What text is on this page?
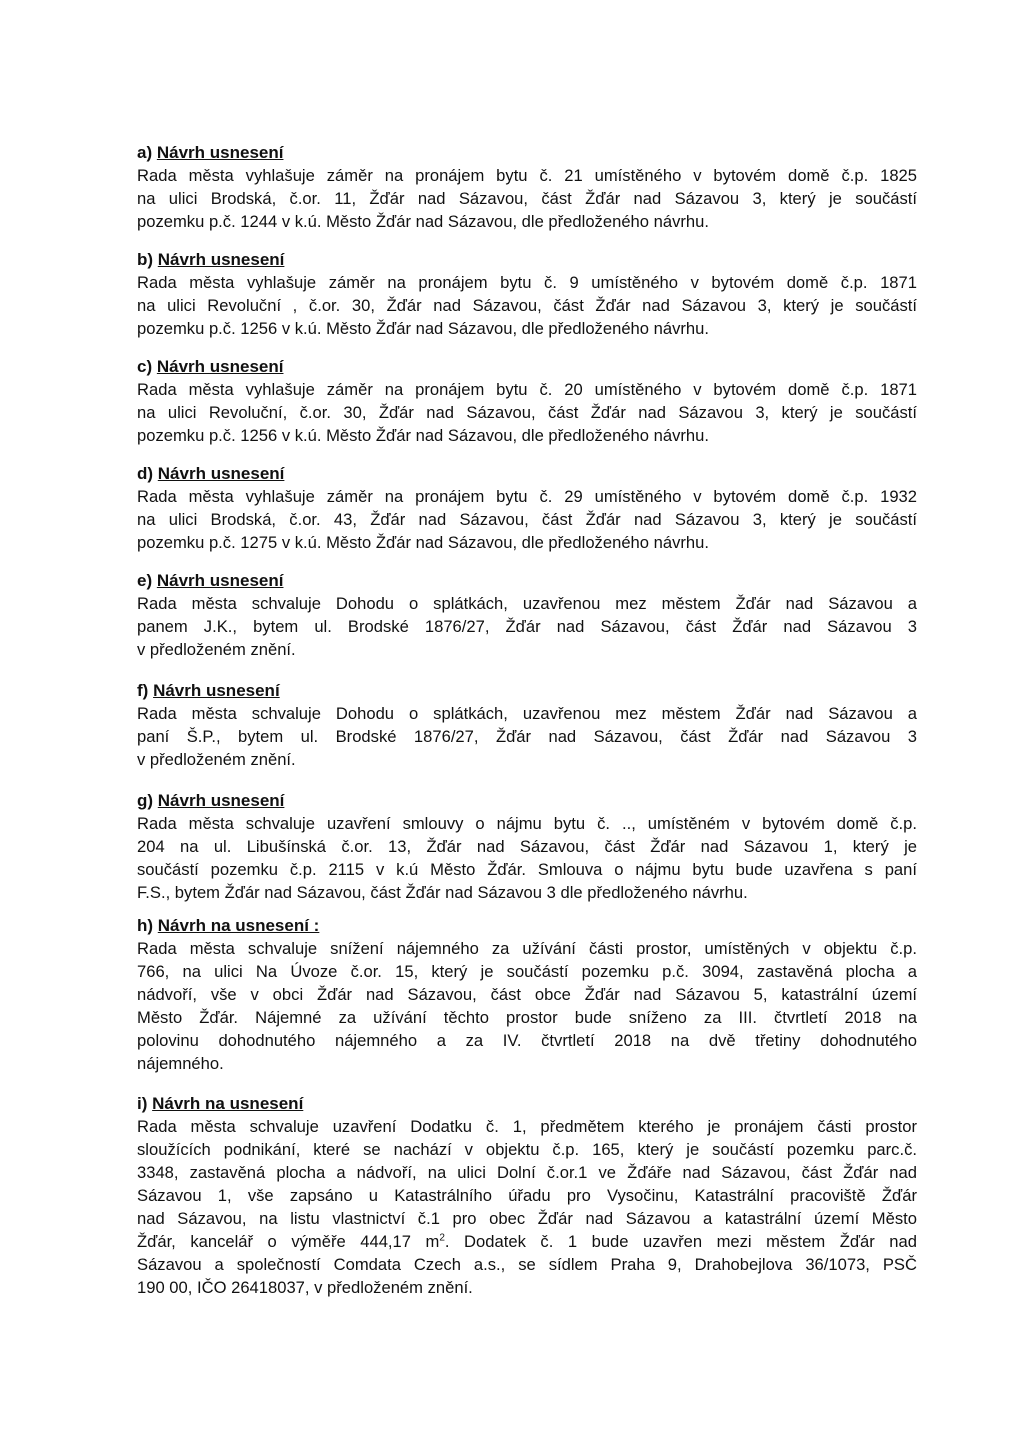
a) Návrh usnesení

Rada města vyhlašuje záměr na pronájem bytu č. 21 umístěného v bytovém domě č.p. 1825
na ulici Brodská, č.or. 11, Žďár nad Sázavou, část Žďár nad Sázavou 3, který je součástí
pozemku p.č. 1244 v k.ú. Město Žďár nad Sázavou, dle předloženého návrhu.

b) Návrh usnesení

Rada města vyhlašuje záměr na pronájem bytu č. 9 umístěného v bytovém domě č.p. 1871
na ulici Revoluční , č.or. 30, Žďár nad Sázavou, část Žďár nad Sázavou 3, který je součástí
pozemku p.č. 1256 v k.ú. Město Žďár nad Sázavou, dle předloženého návrhu.

c) Návrh usnesení

Rada města vyhlašuje záměr na pronájem bytu č. 20 umístěného v bytovém domě č.p. 1871
na ulici Revoluční, č.or. 30, Žďár nad Sázavou, část Žďár nad Sázavou 3, který je součástí
pozemku p.č. 1256 v k.ú. Město Žďár nad Sázavou, dle předloženého návrhu.

d) Návrh usnesení

Rada města vyhlašuje záměr na pronájem bytu č. 29 umístěného v bytovém domě č.p. 1932
na ulici Brodská, č.or. 43, Žďár nad Sázavou, část Žďár nad Sázavou 3, který je součástí
pozemku p.č. 1275 v k.ú. Město Žďár nad Sázavou, dle předloženého návrhu.

e) Návrh usnesení

Rada města schvaluje Dohodu o splátkách, uzavřenou mez městem Žďár nad Sázavou a
panem J.K., bytem ul. Brodské 1876/27, Žďár nad Sázavou, část Žďár nad Sázavou 3
v předloženém znění.

f) Návrh usnesení

Rada města schvaluje Dohodu o splátkách, uzavřenou mez městem Žďár nad Sázavou a
paní Š.P., bytem ul. Brodské 1876/27, Žďár nad Sázavou, část Žďár nad Sázavou 3
v předloženém znění.

g) Návrh usnesení

Rada města schvaluje uzavření smlouvy o nájmu bytu č. .., umístěném v bytovém domě č.p.
204 na ul. Libušínská č.or. 13, Žďár nad Sázavou, část Žďár nad Sázavou 1, který je
součástí pozemku č.p. 2115 v k.ú Město Žďár. Smlouva o nájmu bytu bude uzavřena s paní
F.S., bytem Žďár nad Sázavou, část Žďár nad Sázavou 3 dle předloženého návrhu.

h) Návrh na usnesení :

Rada města schvaluje snížení nájemného za užívání části prostor, umístěných v objektu č.p.
766, na ulici Na Úvoze č.or. 15, který je součástí pozemku p.č. 3094, zastavěná plocha a
nádvoří, vše v obci Žďár nad Sázavou, část obce Žďár nad Sázavou 5, katastrální území
Město Žďár. Nájemné za užívání těchto prostor bude sníženo za III. čtvrtletí 2018 na
polovinu dohodnutého nájemného a za IV. čtvrtletí 2018 na dvě třetiny dohodnutého
nájemného.

i) Návrh na usnesení

Rada města schvaluje uzavření Dodatku č. 1, předmětem kterého je pronájem části prostor
sloužících podnikání, které se nachází v objektu č.p. 165, který je součástí pozemku parc.č.
3348, zastavěná plocha a nádvoří, na ulici Dolní č.or.1 ve Žďáře nad Sázavou, část Žďár nad
Sázavou 1, vše zapsáno u Katastrálního úřadu pro Vysočinu, Katastrální pracoviště Žďár
nad Sázavou, na listu vlastnictví č.1 pro obec Žďár nad Sázavou a katastrální území Město
Žďár, kancelář o výměře 444,17 $m^2$. Dodatek č. 1 bude uzavřen mezi městem Žďár nad
Sázavou a společností Comdata Czech a.s., se sídlem Praha 9, Drahobejlova 36/1073, PSČ
190 00, IČO 26418037, v předloženém znění.
